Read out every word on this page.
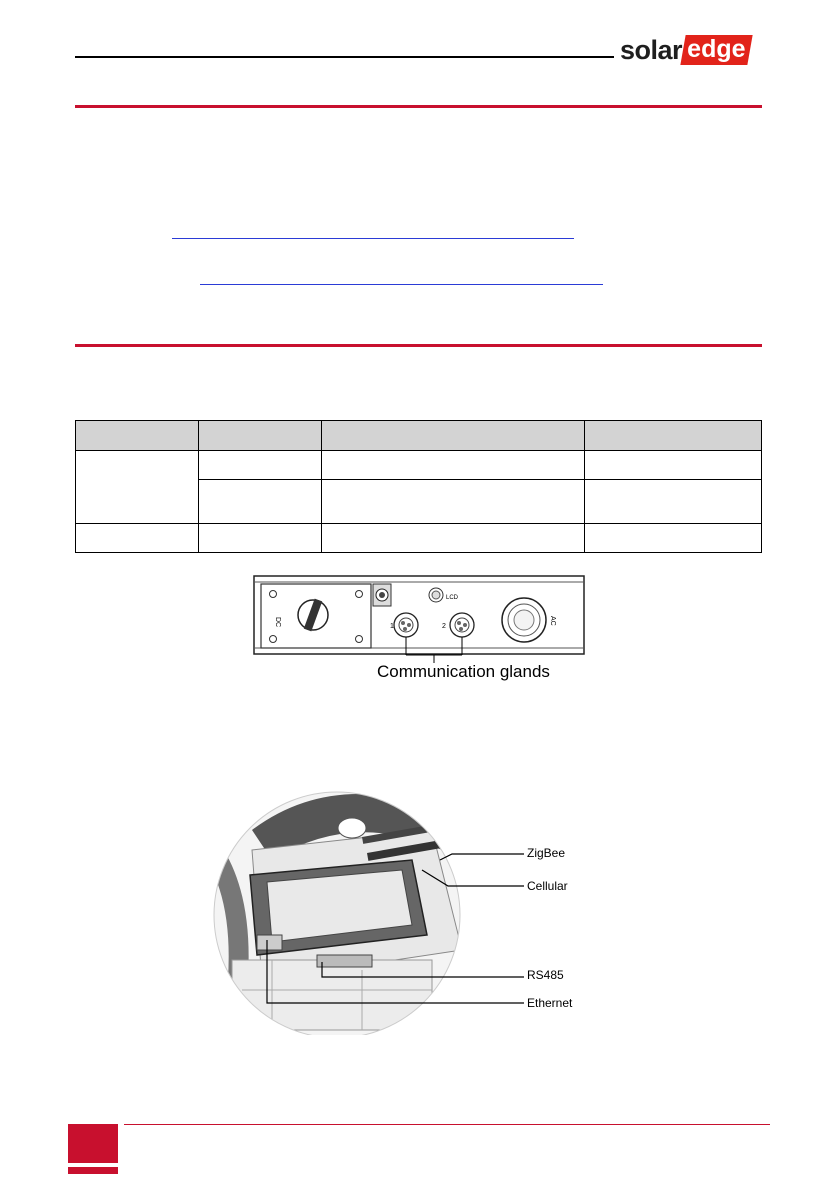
solar edge

DC
LCD
1	2
AC
Communication glands
ZigBee
Cellular
RS485
Ethernet
